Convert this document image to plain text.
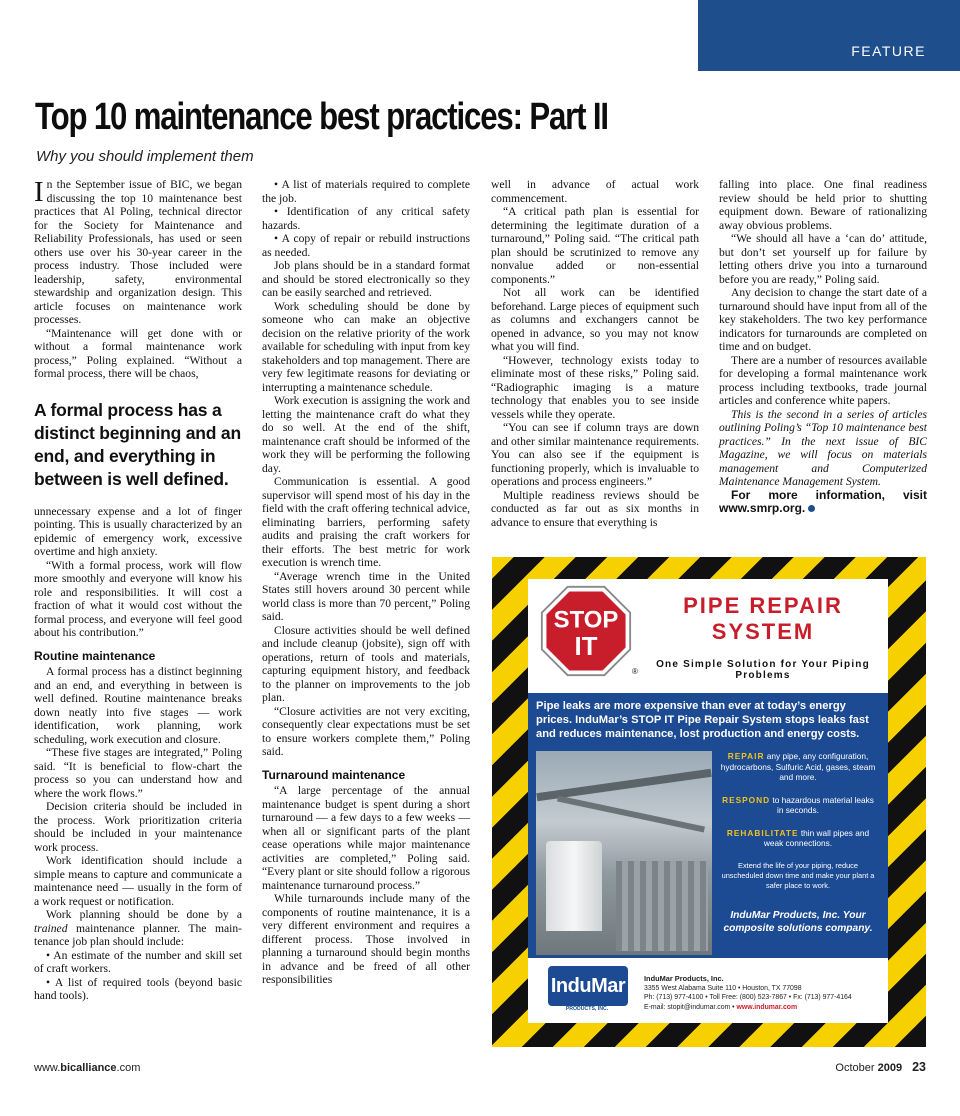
FEATURE
Top 10 maintenance best practices: Part II
Why you should implement them

In the September issue of BIC, we began discussing the top 10 maintenance best practices that Al Poling, technical director for the Society for Maintenance and Reliability Professionals, has used or seen others use over his 30-year career in the process industry. Those included were leadership, safety, environmental stewardship and organization design. This article focuses on maintenance work processes.

“Maintenance will get done with or without a formal maintenance work process,” Poling explained. “Without a formal process, there will be chaos,

A formal process has a distinct beginning and an end, and everything in between is well defined.

unnecessary expense and a lot of finger pointing. This is usually characterized by an epidemic of emergency work, excessive overtime and high anxiety.

“With a formal process, work will flow more smoothly and everyone will know his role and responsibilities. It will cost a fraction of what it would cost without the formal process, and everyone will feel good about his contribution.”

Routine maintenance

A formal process has a distinct beginning and an end, and everything in between is well defined. Routine maintenance breaks down neatly into five stages — work identification, work planning, work scheduling, work execution and closure.

“These five stages are integrated,” Poling said. “It is beneficial to flow-chart the process so you can understand how and where the work flows.”

Decision criteria should be included in the process. Work prioritization criteria should be included in your maintenance work process.

Work identification should include a simple means to capture and communicate a maintenance need — usually in the form of a work request or notification.

Work planning should be done by a trained maintenance planner. The main-tenance job plan should include:

• An estimate of the number and skill set of craft workers.

• A list of required tools (beyond basic hand tools).

• A list of materials required to complete the job.

• Identification of any critical safety hazards.

• A copy of repair or rebuild instructions as needed.

Job plans should be in a standard format and should be stored electronically so they can be easily searched and retrieved.

Work scheduling should be done by someone who can make an objective decision on the relative priority of the work available for scheduling with input from key stakeholders and top management. There are very few legitimate reasons for deviating or interrupting a maintenance schedule.

Work execution is assigning the work and letting the maintenance craft do what they do so well. At the end of the shift, maintenance craft should be informed of the work they will be performing the following day.

Communication is essential. A good supervisor will spend most of his day in the field with the craft offering technical advice, eliminating barriers, performing safety audits and praising the craft workers for their efforts. The best metric for work execution is wrench time.

“Average wrench time in the United States still hovers around 30 percent while world class is more than 70 percent,” Poling said.

Closure activities should be well defined and include cleanup (jobsite), sign off with operations, return of tools and materials, capturing equipment history, and feedback to the planner on improvements to the job plan.

“Closure activities are not very exciting, consequently clear expectations must be set to ensure workers complete them,” Poling said.

Turnaround maintenance

“A large percentage of the annual maintenance budget is spent during a short turnaround — a few days to a few weeks — when all or significant parts of the plant cease operations while major maintenance activities are completed,” Poling said. “Every plant or site should follow a rigorous maintenance turnaround process.”

While turnarounds include many of the components of routine maintenance, it is a very different environment and requires a different process. Those involved in planning a turnaround should begin months in advance and be freed of all other responsibilities

well in advance of actual work commencement.

“A critical path plan is essential for determining the legitimate duration of a turnaround,” Poling said. “The critical path plan should be scrutinized to remove any nonvalue added or non-essential components.”

Not all work can be identified beforehand. Large pieces of equipment such as columns and exchangers cannot be opened in advance, so you may not know what you will find.

“However, technology exists today to eliminate most of these risks,” Poling said. “Radiographic imaging is a mature technology that enables you to see inside vessels while they operate.

“You can see if column trays are down and other similar maintenance requirements. You can also see if the equipment is functioning properly, which is invaluable to operations and process engineers.”

Multiple readiness reviews should be conducted as far out as six months in advance to ensure that everything is

falling into place. One final readiness review should be held prior to shutting equipment down. Beware of rationalizing away obvious problems.

“We should all have a ‘can do’ attitude, but don’t set yourself up for failure by letting others drive you into a turnaround before you are ready,” Poling said.

Any decision to change the start date of a turnaround should have input from all of the key stakeholders. The two key performance indicators for turnarounds are completed on time and on budget.

There are a number of resources available for developing a formal maintenance work process including textbooks, trade journal articles and conference white papers.

This is the second in a series of articles outlining Poling’s “Top 10 maintenance best practices.” In the next issue of BIC Magazine, we will focus on materials management and Computerized Maintenance Management System.

For more information, visit www.smrp.org.

STOP
IT
®
PIPE REPAIR SYSTEM
One Simple Solution for Your Piping Problems
Pipe leaks are more expensive than ever at today’s energy prices. InduMar’s STOP IT Pipe Repair System stops leaks fast and reduces maintenance, lost production and energy costs.
REPAIR any pipe, any configuration, hydrocarbons, Sulfuric Acid, gases, steam and more.
RESPOND to hazardous material leaks in seconds.
REHABILITATE thin wall pipes and weak connections.
Extend the life of your piping, reduce unscheduled down time and make your plant a safer place to work.
InduMar Products, Inc. Your composite solutions company.
InduMar
PRODUCTS, INC.
InduMar Products, Inc.
3355 West Alabama Suite 110 • Houston, TX 77098
Ph: (713) 977-4100 • Toll Free: (800) 523-7867 • Fx: (713) 977-4164
E-mail: stopit@indumar.com • www.indumar.com
www.bicalliance.com	October 2009 23
